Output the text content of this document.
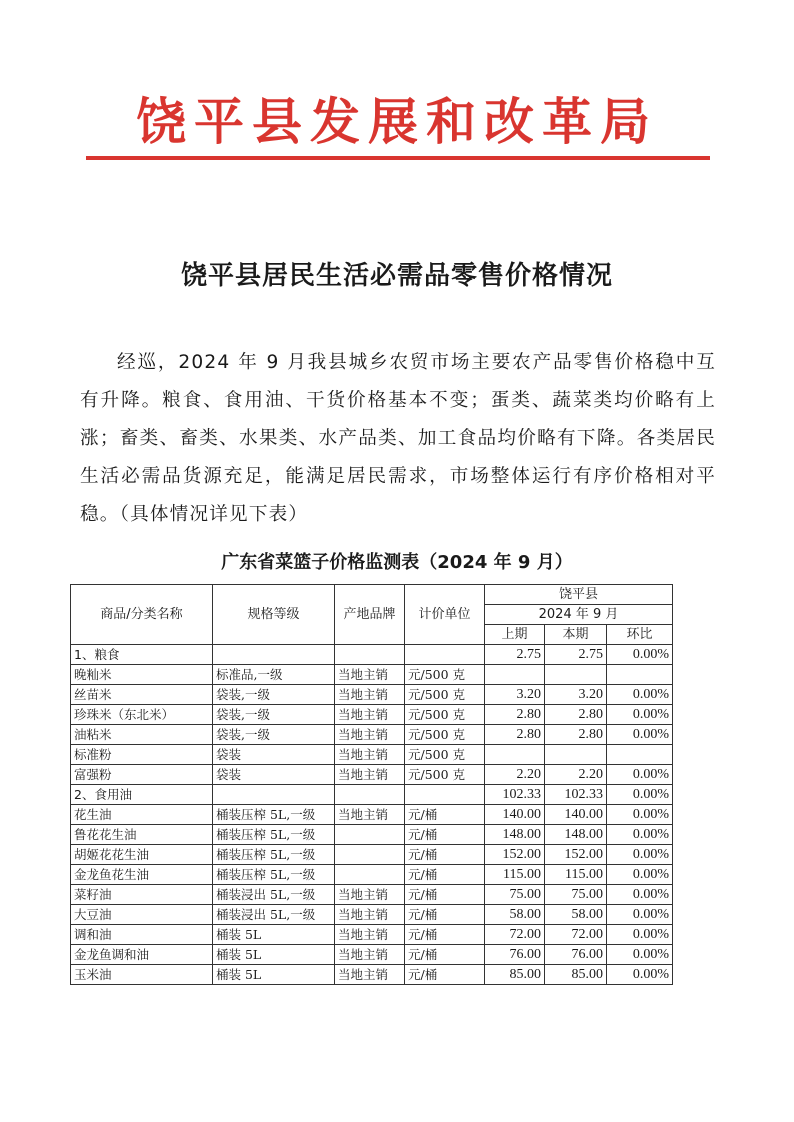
饶平县发展和改革局
饶平县居民生活必需品零售价格情况
经巡，2024 年 9 月我县城乡农贸市场主要农产品零售价格稳中互有升降。粮食、食用油、干货价格基本不变；蛋类、蔬菜类均价略有上涨；畜类、畜类、水果类、水产品类、加工食品均价略有下降。各类居民生活必需品货源充足，能满足居民需求，市场整体运行有序价格相对平稳。（具体情况详见下表）
广东省菜篮子价格监测表（2024 年 9 月）
商品/分类名称	规格等级	产地品牌	计价单位	饶平县		
				2024 年 9 月		
				上期	本期	环比
1、粮食				2.75	2.75	0.00%
晚籼米	标准品,一级	当地主销	元/500 克			
丝苗米	袋装,一级	当地主销	元/500 克	3.20	3.20	0.00%
珍珠米（东北米）	袋装,一级	当地主销	元/500 克	2.80	2.80	0.00%
油粘米	袋装,一级	当地主销	元/500 克	2.80	2.80	0.00%
标准粉	袋装	当地主销	元/500 克			
富强粉	袋装	当地主销	元/500 克	2.20	2.20	0.00%
2、食用油				102.33	102.33	0.00%
花生油	桶装压榨 5L,一级	当地主销	元/桶	140.00	140.00	0.00%
鲁花花生油	桶装压榨 5L,一级		元/桶	148.00	148.00	0.00%
胡姬花花生油	桶装压榨 5L,一级		元/桶	152.00	152.00	0.00%
金龙鱼花生油	桶装压榨 5L,一级		元/桶	115.00	115.00	0.00%
菜籽油	桶装浸出 5L,一级	当地主销	元/桶	75.00	75.00	0.00%
大豆油	桶装浸出 5L,一级	当地主销	元/桶	58.00	58.00	0.00%
调和油	桶装 5L	当地主销	元/桶	72.00	72.00	0.00%
金龙鱼调和油	桶装 5L	当地主销	元/桶	76.00	76.00	0.00%
玉米油	桶装 5L	当地主销	元/桶	85.00	85.00	0.00%
